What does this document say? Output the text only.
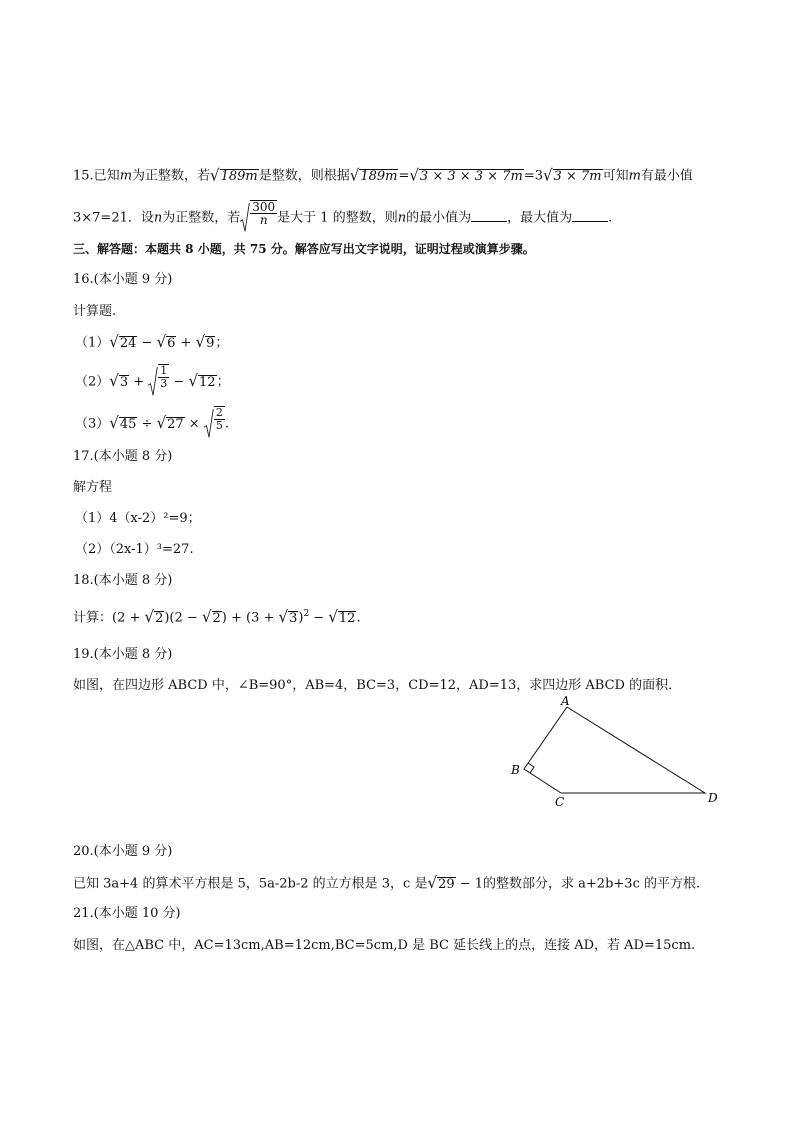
15.已知m为正整数，若√189m是整数，则根据√189m=√3 × 3 × 3 × 7m=3√3 × 7m可知m有最小值
3×7=21．设n为正整数，若 $\frac{300}{n}$ 是大于 1 的整数，则n的最小值为	，最大值为	.
三、解答题：本题共 8 小题，共 75 分。解答应写出文字说明，证明过程或演算步骤。
16.(本小题 9 分)
计算题.
（1）√24 − √6 + √9；
$(2)√3 + \frac{1}{3} - √12$；
$(3)√45 \div √27 \times \frac{2}{5}$ .
17.(本小题 8 分)
解方程
（1）4（x-2）²=9；
（2）（2x-1）³=27.
18.(本小题 8 分)
计算：$(2 + √2)(2 - √2) + (3 + √3)^2 - √12$.
19.(本小题 8 分)
如图，在四边形 ABCD 中，∠B=90°，AB=4，BC=3，CD=12，AD=13，求四边形 ABCD 的面积．
A
B
C	D
20.(本小题 9 分)
已知 3a+4 的算术平方根是 5，5a-2b-2 的立方根是 3，c 是√29 − 1的整数部分，求 a+2b+3c 的平方根.
21.(本小题 10 分)
如图，在△ABC 中，AC=13cm,AB=12cm,BC=5cm,D 是 BC 延长线上的点，连接 AD，若 AD=15cm.
